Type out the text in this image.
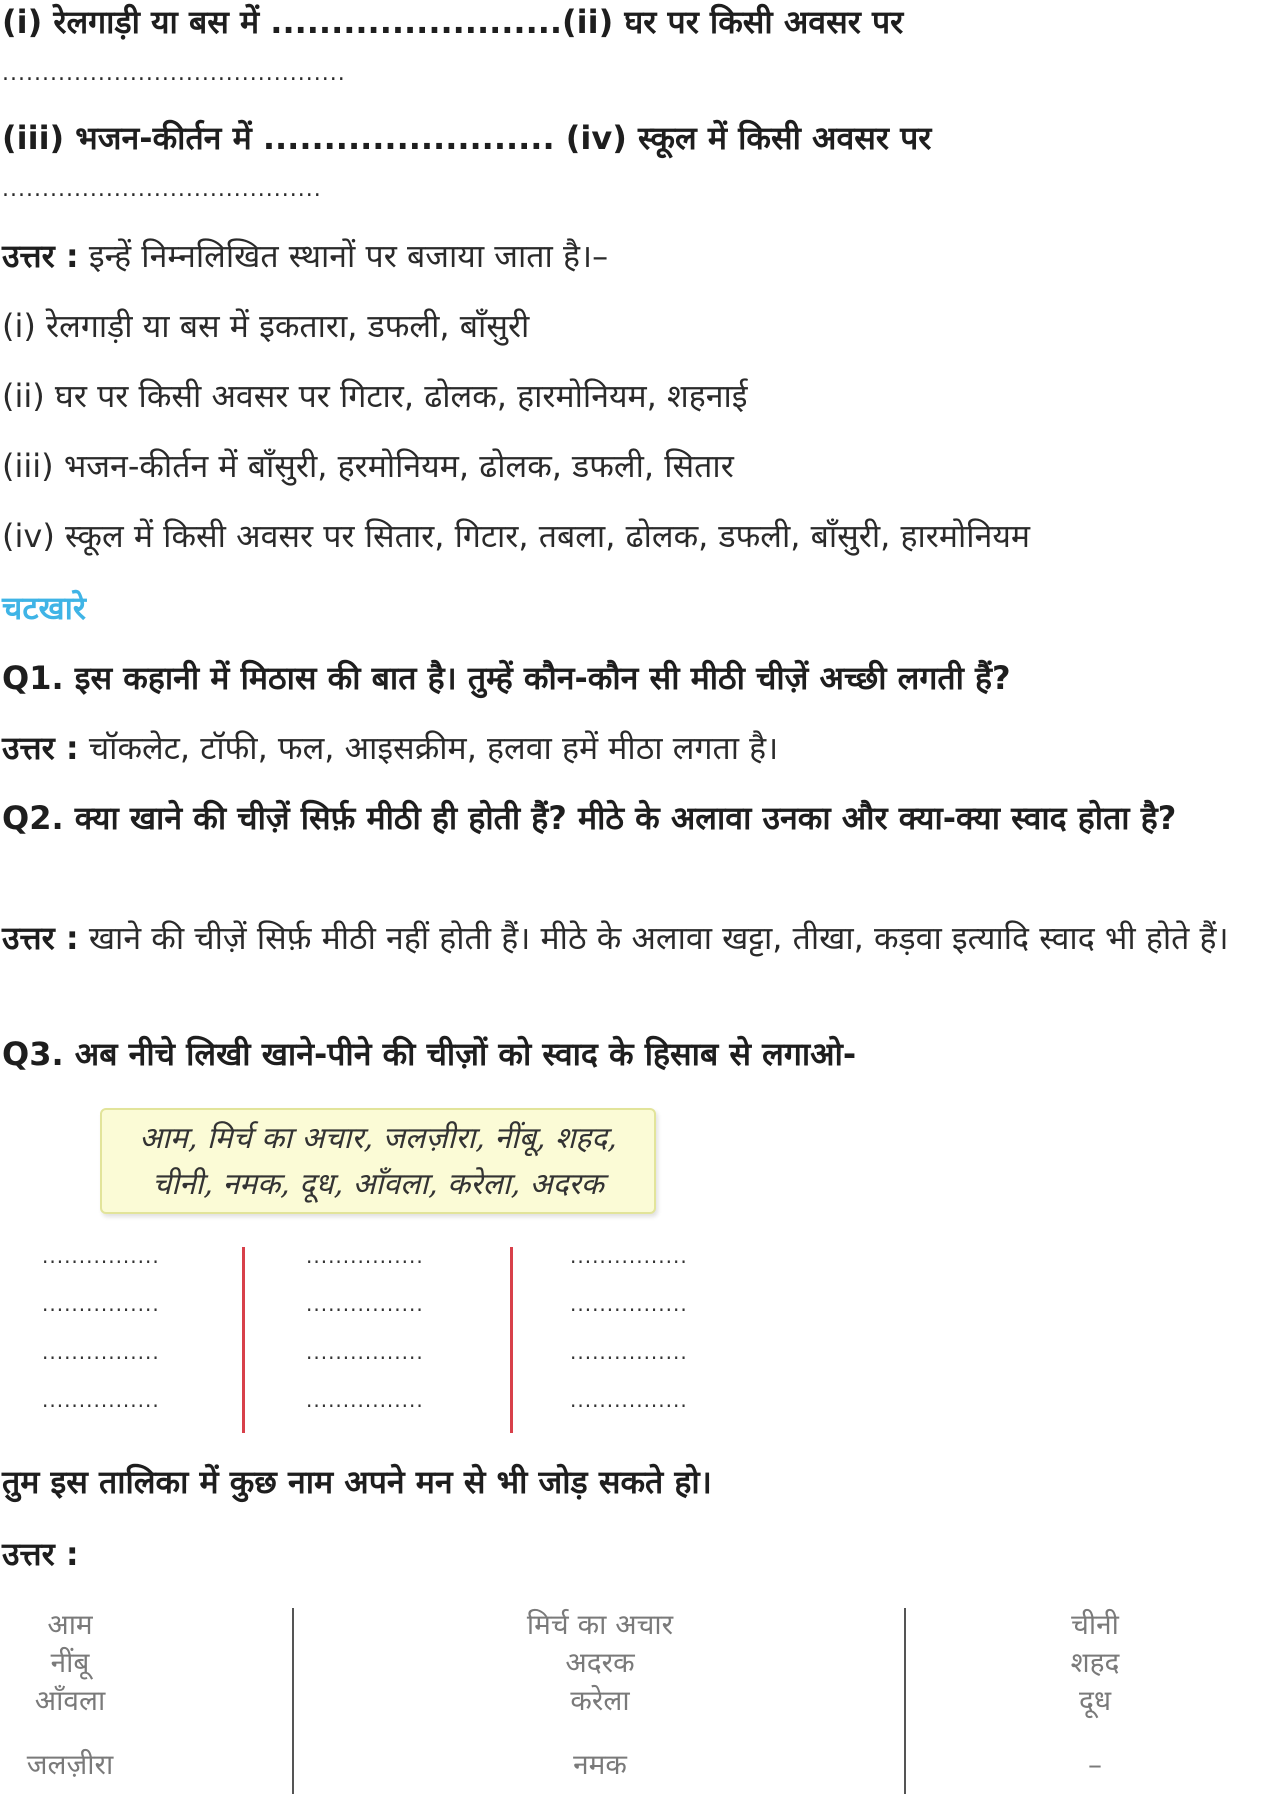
(i) रेलगाड़ी या बस में ........................(ii) घर पर किसी अवसर पर
...........................................
(iii) भजन-कीर्तन में ........................ (iv) स्कूल में किसी अवसर पर
........................................
उत्तर : इन्हें निम्नलिखित स्थानों पर बजाया जाता है।–
(i) रेलगाड़ी या बस में इकतारा, डफली, बाँसुरी
(ii) घर पर किसी अवसर पर गिटार, ढोलक, हारमोनियम, शहनाई
(iii) भजन-कीर्तन में बाँसुरी, हरमोनियम, ढोलक, डफली, सितार
(iv) स्कूल में किसी अवसर पर सितार, गिटार, तबला, ढोलक, डफली, बाँसुरी, हारमोनियम
चटखारे
Q1. इस कहानी में मिठास की बात है। तुम्हें कौन-कौन सी मीठी चीज़ें अच्छी लगती हैं?
उत्तर : चॉकलेट, टॉफी, फल, आइसक्रीम, हलवा हमें मीठा लगता है।
Q2. क्या खाने की चीज़ें सिर्फ़ मीठी ही होती हैं? मीठे के अलावा उनका और क्या-क्या स्वाद होता है?
उत्तर : खाने की चीज़ें सिर्फ़ मीठी नहीं होती हैं। मीठे के अलावा खट्टा, तीखा, कड़वा इत्यादि स्वाद भी होते हैं।
Q3. अब नीचे लिखी खाने-पीने की चीज़ों को स्वाद के हिसाब से लगाओ-
आम, मिर्च का अचार, जलज़ीरा, नींबू, शहद,
चीनी, नमक, दूध, आँवला, करेला, अदरक
................
................
................
................
................
................
................
................
................
................
................
................
तुम इस तालिका में कुछ नाम अपने मन से भी जोड़ सकते हो।
उत्तर :
आम
नींबू
आँवला
जलज़ीरा
मिर्च का अचार
अदरक
करेला
नमक
चीनी
शहद
दूध
–
